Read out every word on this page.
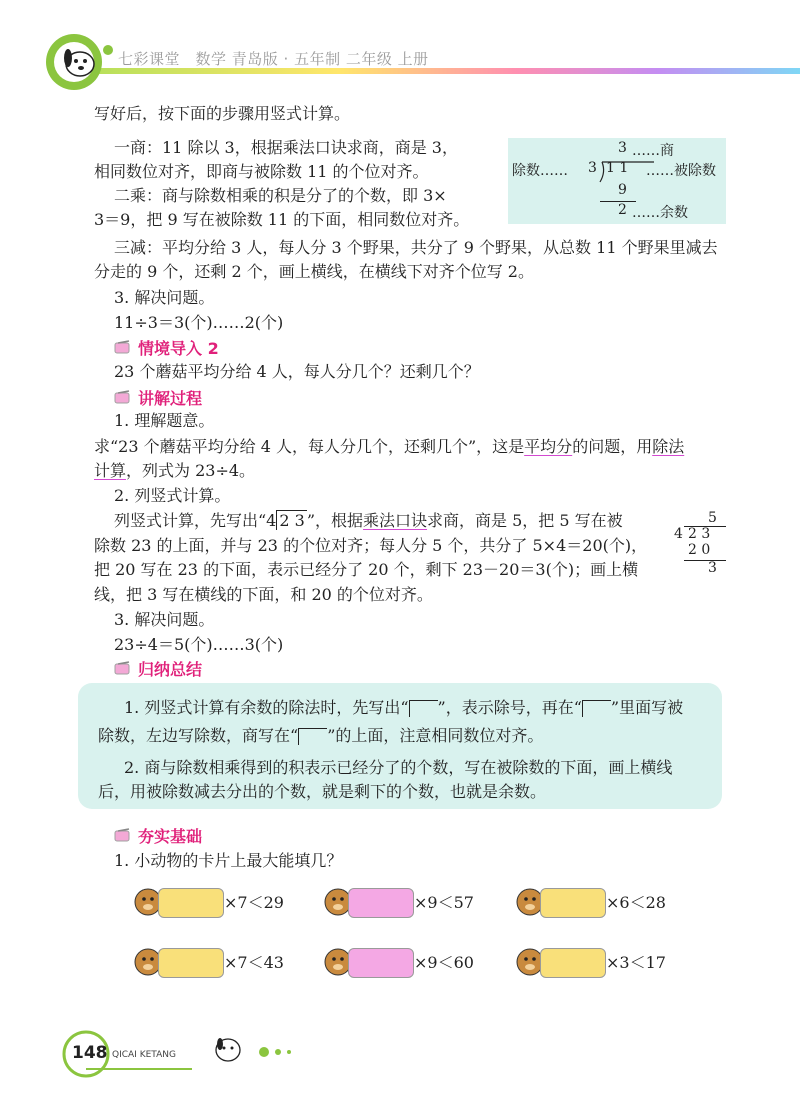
七彩课堂　数学 青岛版 · 五年制 二年级 上册
写好后，按下面的步骤用竖式计算。
一商：11 除以 3，根据乘法口诀求商，商是 3，
相同数位对齐，即商与被除数 11 的个位对齐。
二乘：商与除数相乘的积是分了的个数，即 3×
3＝9，把 9 写在被除数 11 的下面，相同数位对齐。
三减：平均分给 3 人，每人分 3 个野果，共分了 9 个野果，从总数 11 个野果里减去
分走的 9 个，还剩 2 个，画上横线，在横线下对齐个位写 2。
3. 解决问题。
11÷3＝3(个)……2(个)
3 ……商
除数…… 3 1 1 ……被除数
9
2 ……余数
情境导入 2
23 个蘑菇平均分给 4 人，每人分几个？还剩几个？
讲解过程
1. 理解题意。
求“23 个蘑菇平均分给 4 人，每人分几个，还剩几个”，这是平均分的问题，用除法
计算，列式为 23÷4。
2. 列竖式计算。
列竖式计算，先写出“4 2 3 ”，根据乘法口诀求商，商是 5，把 5 写在被
除数 23 的上面，并与 23 的个位对齐；每人分 5 个，共分了 5×4＝20(个)，
把 20 写在 23 的下面，表示已经分了 20 个，剩下 23－20＝3(个)；画上横
线，把 3 写在横线的下面，和 20 的个位对齐。
3. 解决问题。
23÷4＝5(个)……3(个)
5
4 2 3
2 0
3
归纳总结
1. 列竖式计算有余数的除法时，先写出“ ”，表示除号，再在“ ”里面写被
除数，左边写除数，商写在“ ”的上面，注意相同数位对齐。
2. 商与除数相乘得到的积表示已经分了的个数，写在被除数的下面，画上横线
后，用被除数减去分出的个数，就是剩下的个数，也就是余数。
夯实基础
1. 小动物的卡片上最大能填几？
×7＜29	×9＜57	×6＜28
×7＜43	×9＜60	×3＜17
148 QICAI KETANG
